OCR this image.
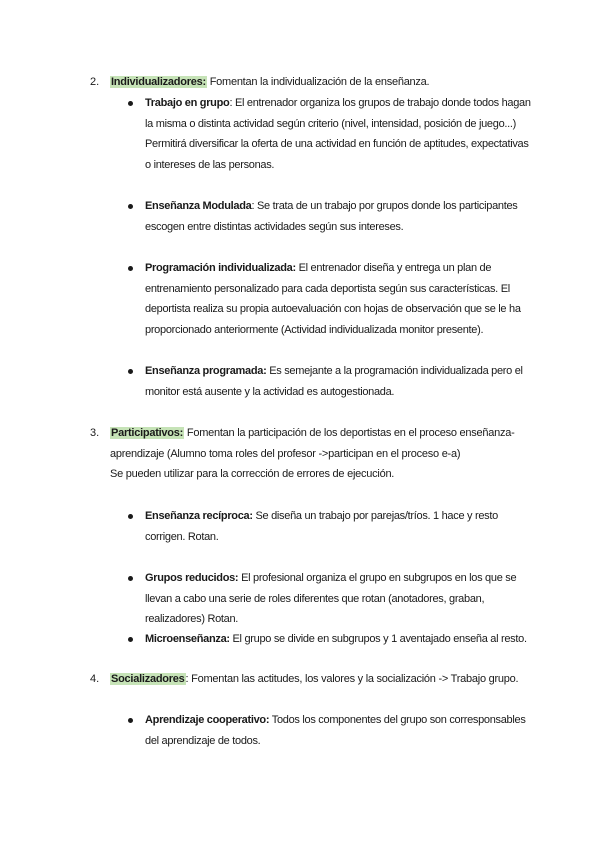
2. Individualizadores: Fomentan la individualización de la enseñanza.
Trabajo en grupo: El entrenador organiza los grupos de trabajo donde todos hagan la misma o distinta actividad según criterio (nivel, intensidad, posición de juego...) Permitirá diversificar la oferta de una actividad en función de aptitudes, expectativas o intereses de las personas.
Enseñanza Modulada: Se trata de un trabajo por grupos donde los participantes escogen entre distintas actividades según sus intereses.
Programación individualizada: El entrenador diseña y entrega un plan de entrenamiento personalizado para cada deportista según sus características. El deportista realiza su propia autoevaluación con hojas de observación que se le ha proporcionado anteriormente (Actividad individualizada monitor presente).
Enseñanza programada: Es semejante a la programación individualizada pero el monitor está ausente y la actividad es autogestionada.
3. Participativos: Fomentan la participación de los deportistas en el proceso enseñanza-aprendizaje (Alumno toma roles del profesor ->participan en el proceso e-a)
Se pueden utilizar para la corrección de errores de ejecución.
Enseñanza recíproca: Se diseña un trabajo por parejas/tríos. 1 hace y resto corrigen. Rotan.
Grupos reducidos: El profesional organiza el grupo en subgrupos en los que se llevan a cabo una serie de roles diferentes que rotan (anotadores, graban, realizadores) Rotan.
Microenseñanza: El grupo se divide en subgrupos y 1 aventajado enseña al resto.
4. Socializadores: Fomentan las actitudes, los valores y la socialización -> Trabajo grupo.
Aprendizaje cooperativo: Todos los componentes del grupo son corresponsables del aprendizaje de todos.
